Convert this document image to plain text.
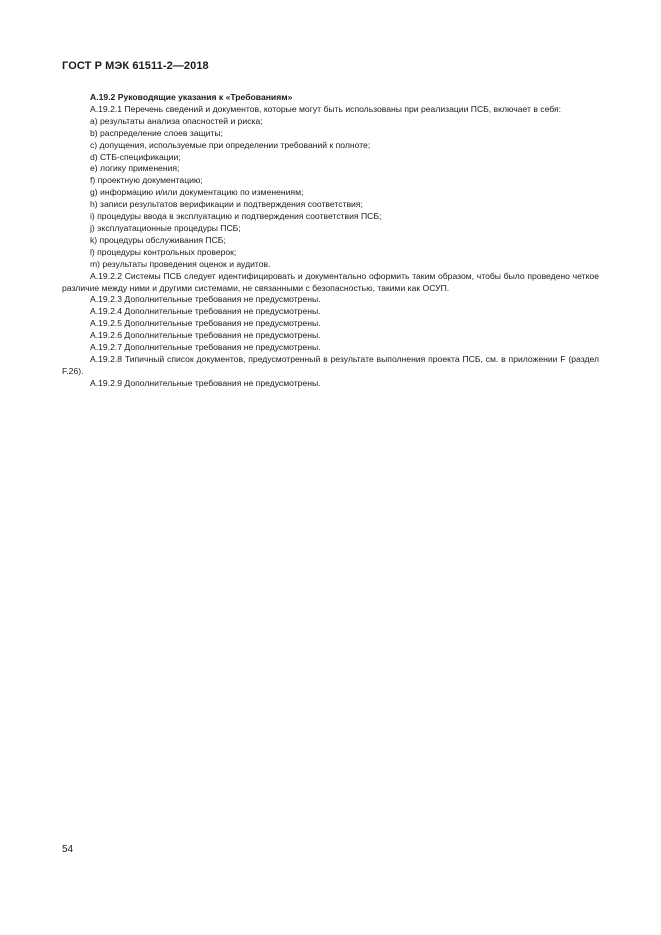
ГОСТ Р МЭК 61511-2—2018

A.19.2 Руководящие указания к «Требованиям»

A.19.2.1 Перечень сведений и документов, которые могут быть использованы при реализации ПСБ, включает в себя:

a) результаты анализа опасностей и риска;

b) распределение слоев защиты;

c) допущения, используемые при определении требований к полноте;

d) СТБ-спецификации;

e) логику применения;

f) проектную документацию;

g) информацию и/или документацию по изменениям;

h) записи результатов верификации и подтверждения соответствия;

i) процедуры ввода в эксплуатацию и подтверждения соответствия ПСБ;

j) эксплуатационные процедуры ПСБ;

k) процедуры обслуживания ПСБ;

l) процедуры контрольных проверок;

m) результаты проведения оценок и аудитов.

A.19.2.2 Системы ПСБ следует идентифицировать и документально оформить таким образом, чтобы было проведено четкое различие между ними и другими системами, не связанными с безопасностью, такими как ОСУП.

A.19.2.3 Дополнительные требования не предусмотрены.

A.19.2.4 Дополнительные требования не предусмотрены.

A.19.2.5 Дополнительные требования не предусмотрены.

A.19.2.6 Дополнительные требования не предусмотрены.

A.19.2.7 Дополнительные требования не предусмотрены.

A.19.2.8 Типичный список документов, предусмотренный в результате выполнения проекта ПСБ, см. в приложении F (раздел F.26).

A.19.2.9 Дополнительные требования не предусмотрены.

54
